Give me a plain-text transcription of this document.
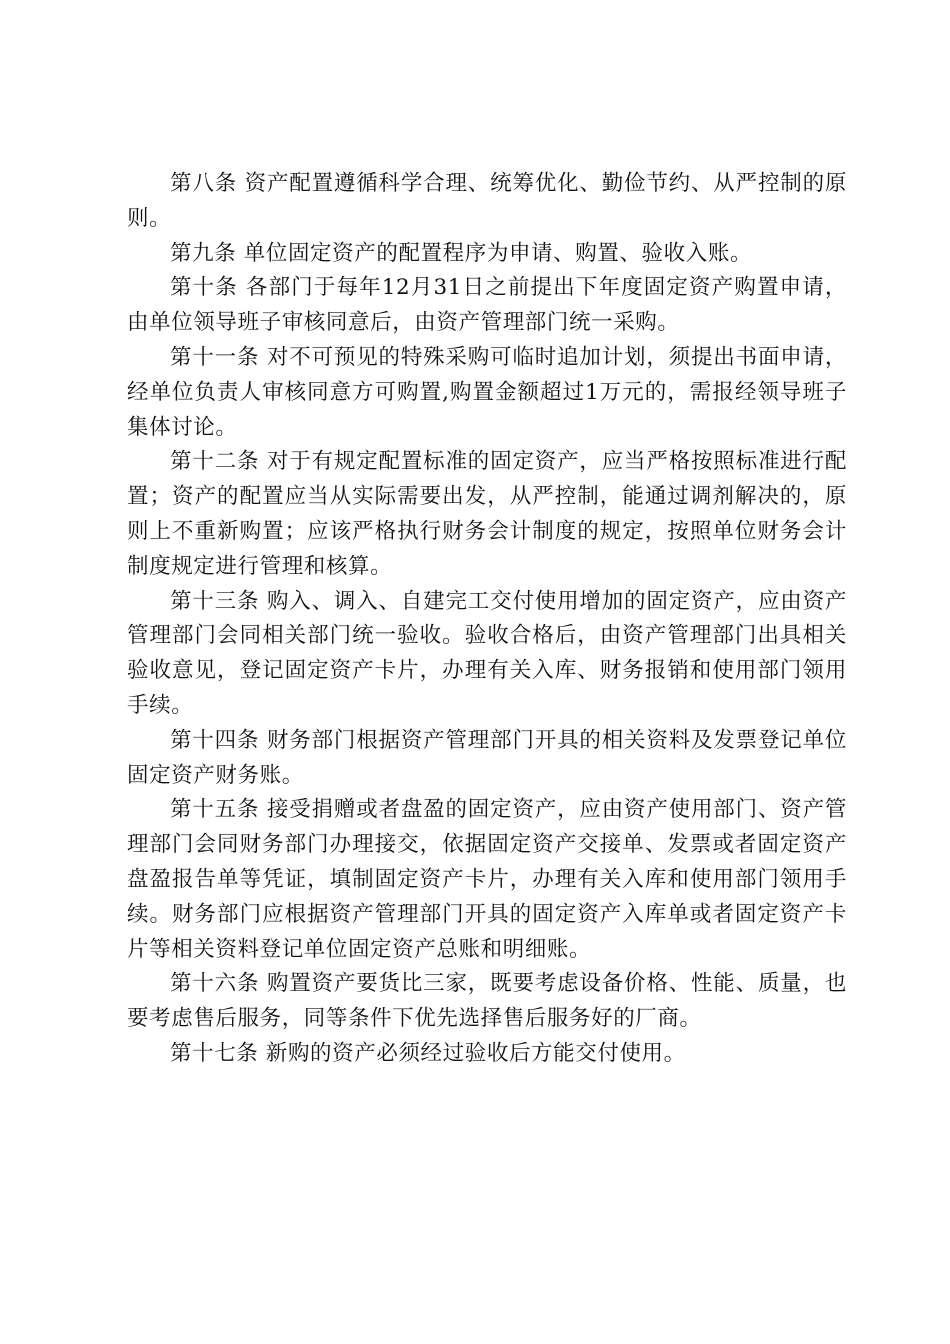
第八条 资产配置遵循科学合理、统筹优化、勤俭节约、从严控制的原则。

第九条 单位固定资产的配置程序为申请、购置、验收入账。

第十条 各部门于每年12月31日之前提出下年度固定资产购置申请，由单位领导班子审核同意后，由资产管理部门统一采购。

第十一条 对不可预见的特殊采购可临时追加计划，须提出书面申请，经单位负责人审核同意方可购置,购置金额超过1万元的，需报经领导班子集体讨论。

第十二条 对于有规定配置标准的固定资产，应当严格按照标准进行配置；资产的配置应当从实际需要出发，从严控制，能通过调剂解决的，原则上不重新购置；应该严格执行财务会计制度的规定，按照单位财务会计制度规定进行管理和核算。

第十三条 购入、调入、自建完工交付使用增加的固定资产，应由资产管理部门会同相关部门统一验收。验收合格后，由资产管理部门出具相关验收意见，登记固定资产卡片，办理有关入库、财务报销和使用部门领用手续。

第十四条 财务部门根据资产管理部门开具的相关资料及发票登记单位固定资产财务账。

第十五条 接受捐赠或者盘盈的固定资产，应由资产使用部门、资产管理部门会同财务部门办理接交，依据固定资产交接单、发票或者固定资产盘盈报告单等凭证，填制固定资产卡片，办理有关入库和使用部门领用手续。财务部门应根据资产管理部门开具的固定资产入库单或者固定资产卡片等相关资料登记单位固定资产总账和明细账。

第十六条 购置资产要货比三家，既要考虑设备价格、性能、质量，也要考虑售后服务，同等条件下优先选择售后服务好的厂商。

第十七条 新购的资产必须经过验收后方能交付使用。
